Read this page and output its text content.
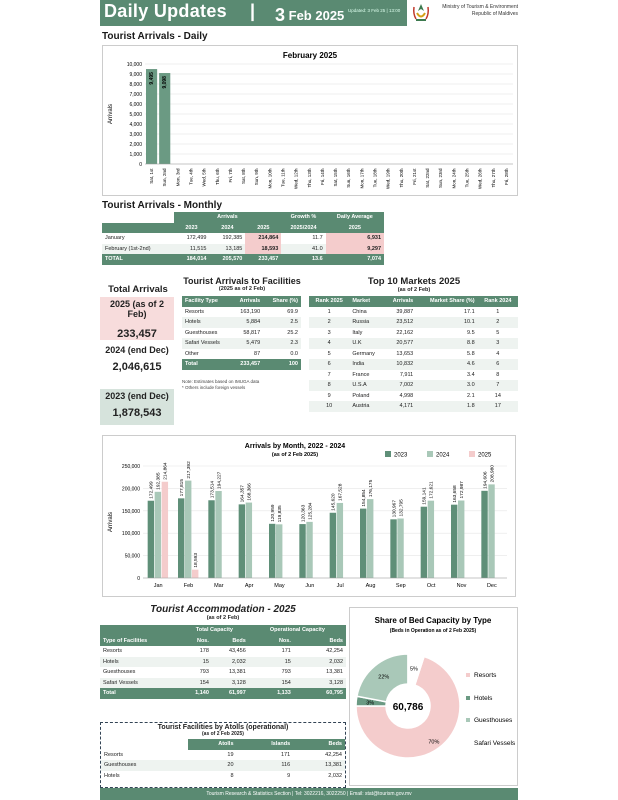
Daily Updates | 3 Feb 2025 Updated: 3 Feb 25 | 13:00
Ministry of Tourism & Environment
Republic of Maldives
Tourist Arrivals - Daily
February 2025
Arrivals
0
1,000
2,000
3,000
4,000
5,000
6,000
7,000
8,000
9,000
10,000
Sat, 1st
9,495
Sun, 2nd
9,098
Mon, 3rd Tue, 4th Wed, 5th Thu, 6th Fri, 7th Sat, 8th Sun, 9th Mon, 10th Tue, 11th Wed, 12th Thu, 13th Fri, 14th Sat, 15th Sun, 16th Mon, 17th Tue, 18th Wed, 19th Thu, 20th Fri, 21st Sat, 22nd Sun, 23rd Mon, 24th Tue, 25th Wed, 26th Thu, 27th Fri, 28th
Tourist Arrivals - Monthly
	Arrivals			Growth %	Daily Average
	2023	2024	2025	2025/2024	2025
January	172,499	192,385	214,864	11.7	6,931
February (1st-2nd)	11,515	13,185	18,593	41.0	9,297
TOTAL	184,014	205,570	233,457	13.6	7,074
Total Arrivals
2025 (as of 2 Feb)
233,457
2024 (end Dec)
2,046,615
2023 (end Dec)
1,878,543
Tourist Arrivals to Facilities
(2025 as of 2 Feb)
Facility Type	Arrivals	Share (%)
Resorts	163,190	69.9
Hotels	5,884	2.5
Guesthouses	58,817	25.2
Safari Vessels	5,479	2.3
Other	87	0.0
Total	233,457	100
Note: Estimates based on IMUGA data
* Others include foreign vessels
Top 10 Markets 2025
(as of 2 Feb)
Rank 2025	Market	Arrivals	Market Share (%)	Rank 2024
1	China	39,887	17.1	1
2	Russia	23,512	10.1	2
3	Italy	22,162	9.5	5
4	U.K	20,577	8.8	3
5	Germany	13,653	5.8	4
6	India	10,832	4.6	6
7	France	7,911	3.4	8
8	U.S.A	7,002	3.0	7
9	Poland	4,998	2.1	14
10	Austria	4,171	1.8	17
Arrivals by Month, 2022 - 2024
(as of 2 Feb 2025)
Arrivals
2023	2024	2025
0
50,000
100,000
150,000
200,000
250,000
Jan
172,499
192,385
214,864
Feb
177,815
217,392
18,593
Mar
173,514
194,227
Apr
164,357 168,366
May
120,959 119,835
Jun
120,363 125,284
Jul
145,620
167,528
Aug
154,854
176,175
Sep
130,967 132,795
Oct
159,141 172,621
Nov
163,658 172,987
Dec
194,606 208,980
Tourist Accommodation - 2025
(as of 2 Feb)
	Total Capacity		Operational Capacity	
Type of Facilities	Nos.	Beds	Nos.	Beds
Resorts	178	43,456	171	42,254
Hotels	15	2,032	15	2,032
Guesthouses	793	13,381	793	13,381
Safari Vessels	154	3,128	154	3,128
Total	1,140	61,997	1,133	60,795
Tourist Facilities by Atolls (operational)
(as of 2 Feb 2025)
	Atolls	Islands	Beds
Resorts	19	171	42,254
Guesthouses	20	116	13,381
Hotels	8	9	2,032
Share of Bed Capacity by Type
(Beds in Operation as of 2 Feb 2025)
70%
3%
22%
5%
60,786
Resorts
Hotels
Guesthouses
Safari Vessels
Tourism Research & Statistics Section | Tel: 3022216, 3022250 | Email: stat@tourism.gov.mv
